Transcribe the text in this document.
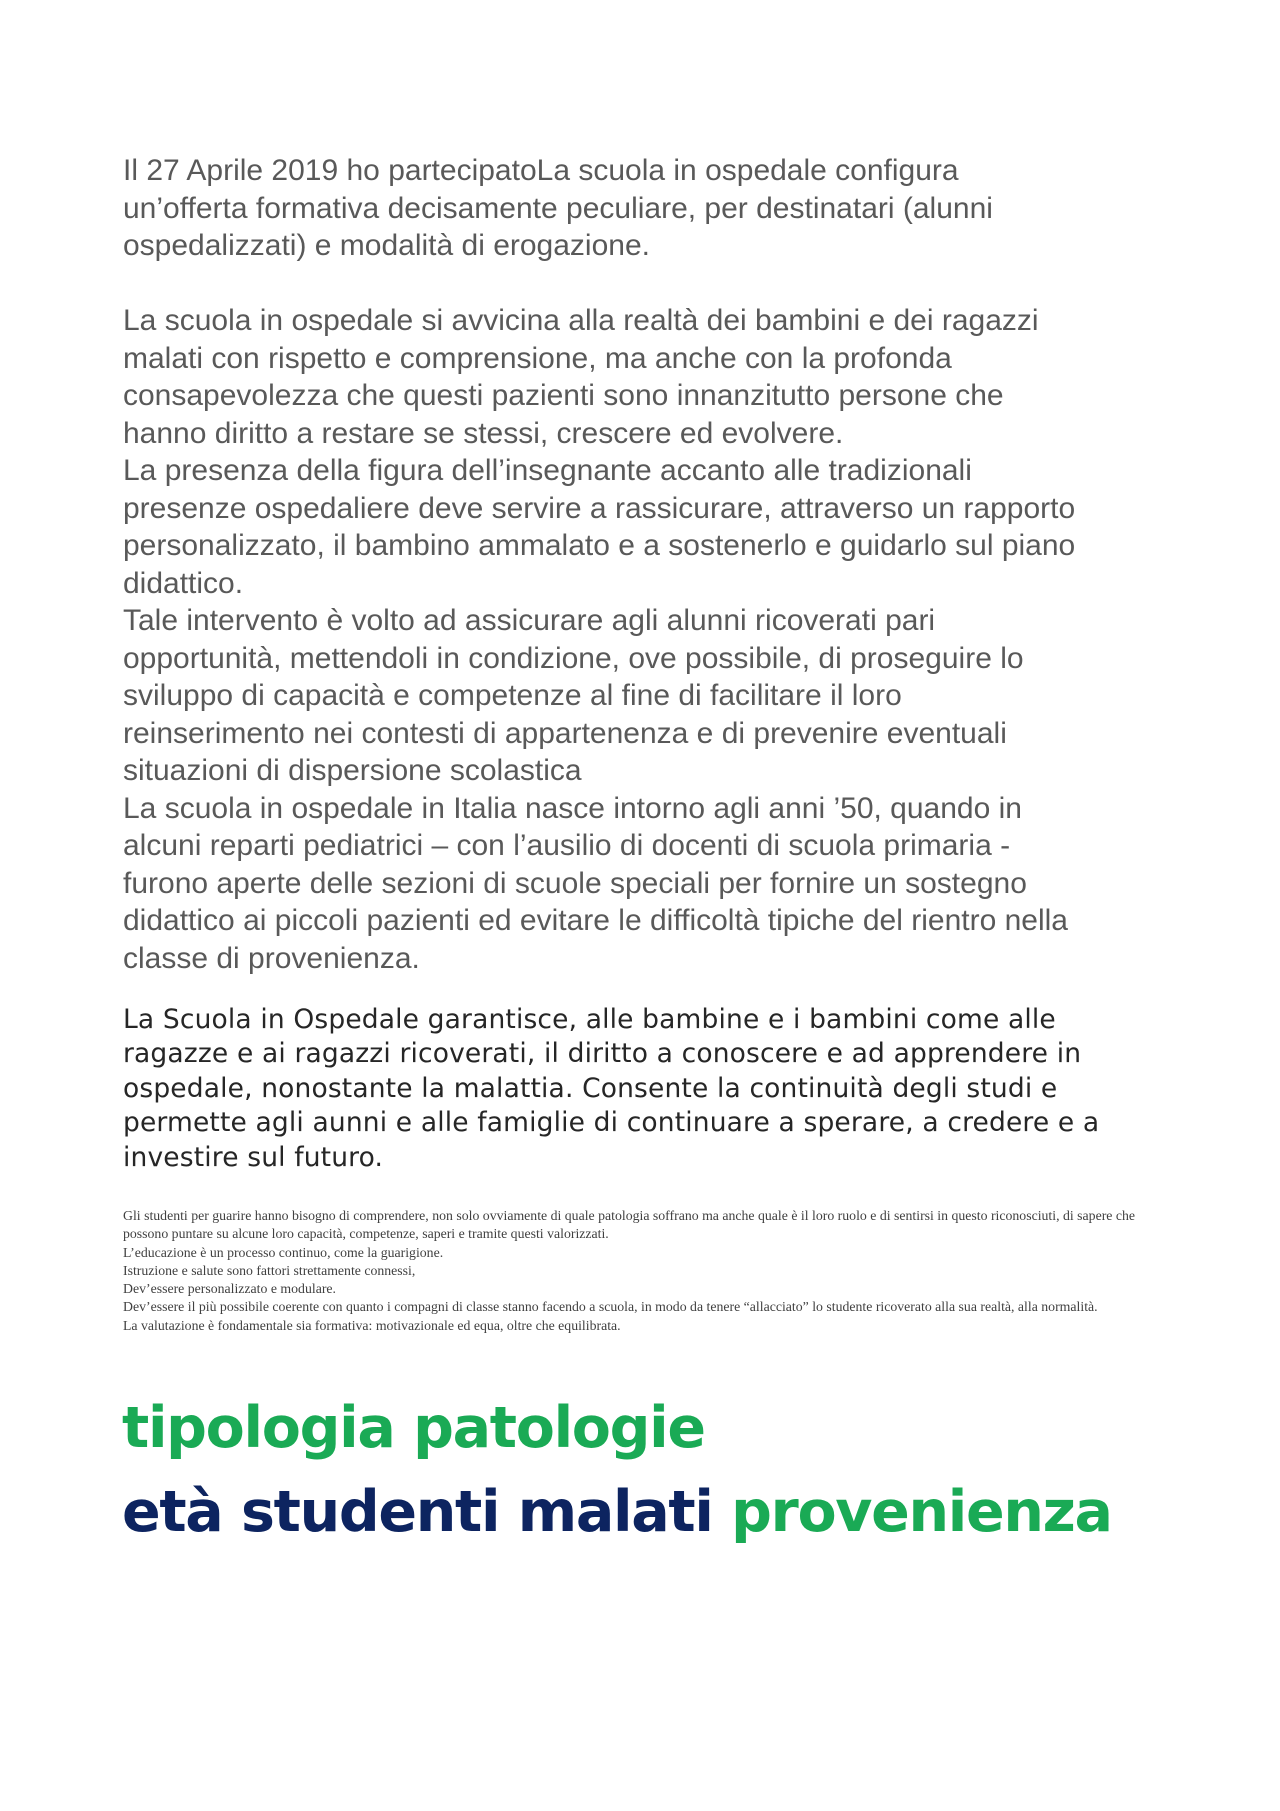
Il 27 Aprile 2019 ho partecipatoLa scuola in ospedale configura
un’offerta formativa decisamente peculiare, per destinatari (alunni
ospedalizzati) e modalità di erogazione.
La scuola in ospedale si avvicina alla realtà dei bambini e dei ragazzi
malati con rispetto e comprensione, ma anche con la profonda
consapevolezza che questi pazienti sono innanzitutto persone che
hanno diritto a restare se stessi, crescere ed evolvere.
La presenza della figura dell’insegnante accanto alle tradizionali
presenze ospedaliere deve servire a rassicurare, attraverso un rapporto
personalizzato, il bambino ammalato e a sostenerlo e guidarlo sul piano
didattico.
Tale intervento è volto ad assicurare agli alunni ricoverati pari
opportunità, mettendoli in condizione, ove possibile, di proseguire lo
sviluppo di capacità e competenze al fine di facilitare il loro
reinserimento nei contesti di appartenenza e di prevenire eventuali
situazioni di dispersione scolastica
La scuola in ospedale in Italia nasce intorno agli anni ’50, quando in
alcuni reparti pediatrici – con l’ausilio di docenti di scuola primaria -
furono aperte delle sezioni di scuole speciali per fornire un sostegno
didattico ai piccoli pazienti ed evitare le difficoltà tipiche del rientro nella
classe di provenienza.

La Scuola in Ospedale garantisce, alle bambine e i bambini come alle ragazze e ai ragazzi ricoverati, il diritto a conoscere e ad apprendere in ospedale, nonostante la malattia. Consente la continuità degli studi e permette agli aunni e alle famiglie di continuare a sperare, a credere e a investire sul futuro.

Gli studenti per guarire hanno bisogno di comprendere, non solo ovviamente di quale patologia soffrano ma anche quale è il loro ruolo e di sentirsi in questo riconosciuti, di sapere che possono puntare su alcune loro capacità, competenze, saperi e tramite questi valorizzati.
L’educazione è un processo continuo, come la guarigione.
Istruzione e salute sono fattori strettamente connessi,
Dev’essere personalizzato e modulare.
Dev’essere il più possibile coerente con quanto i compagni di classe stanno facendo a scuola, in modo da tenere “allacciato” lo studente ricoverato alla sua realtà, alla normalità.
La valutazione è fondamentale sia formativa: motivazionale ed equa, oltre che equilibrata.
tipologia patologie
età studenti malati provenienza
